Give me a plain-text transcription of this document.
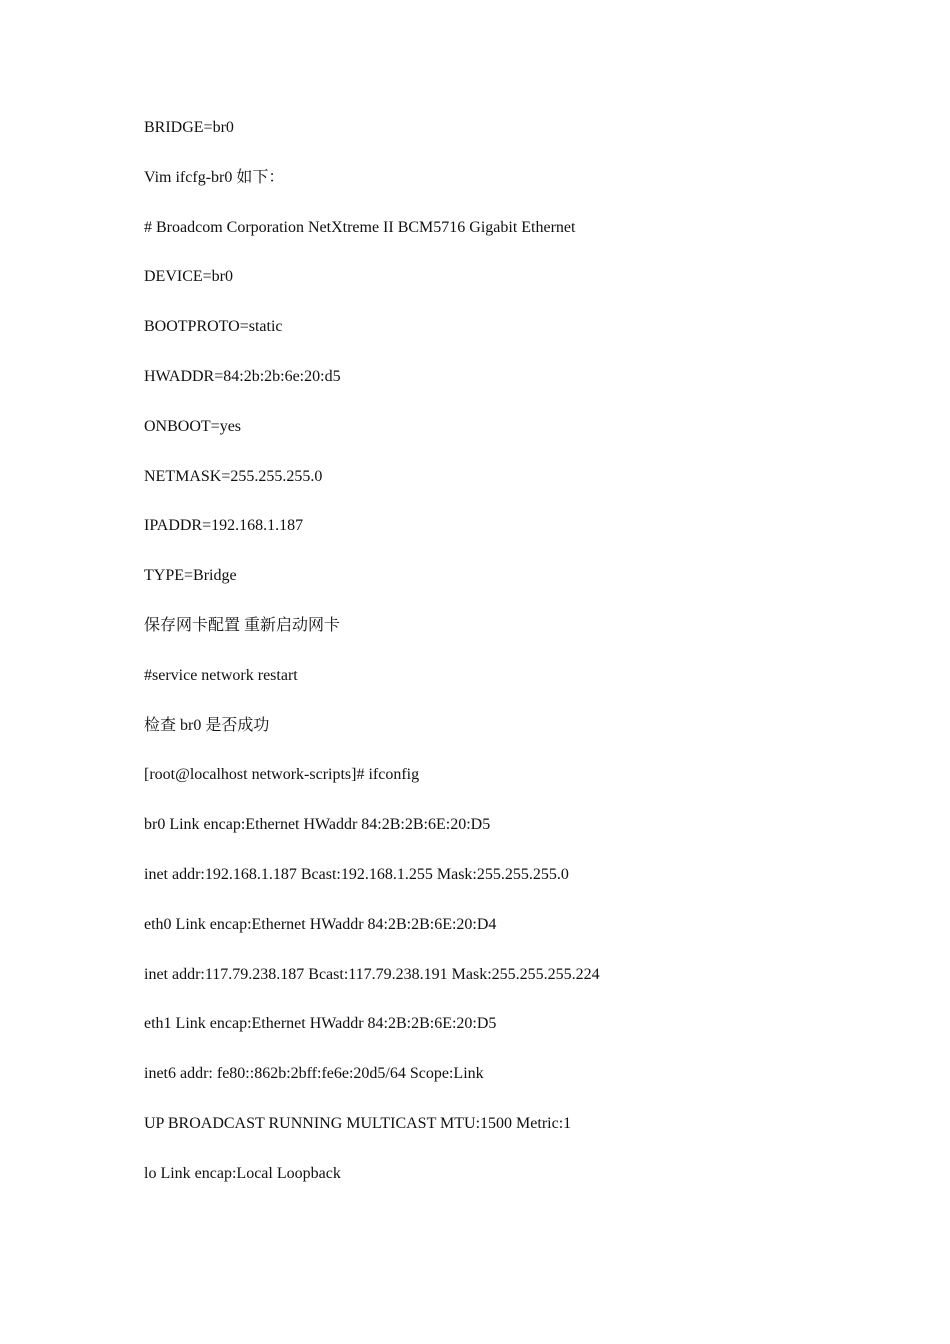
BRIDGE=br0
Vim ifcfg-br0 如下：
# Broadcom Corporation NetXtreme II BCM5716 Gigabit Ethernet
DEVICE=br0
BOOTPROTO=static
HWADDR=84:2b:2b:6e:20:d5
ONBOOT=yes
NETMASK=255.255.255.0
IPADDR=192.168.1.187
TYPE=Bridge
保存网卡配置 重新启动网卡
#service network restart
检查 br0 是否成功
[root@localhost network-scripts]# ifconfig
br0 Link encap:Ethernet HWaddr 84:2B:2B:6E:20:D5
inet addr:192.168.1.187 Bcast:192.168.1.255 Mask:255.255.255.0
eth0 Link encap:Ethernet HWaddr 84:2B:2B:6E:20:D4
inet addr:117.79.238.187 Bcast:117.79.238.191 Mask:255.255.255.224
eth1 Link encap:Ethernet HWaddr 84:2B:2B:6E:20:D5
inet6 addr: fe80::862b:2bff:fe6e:20d5/64 Scope:Link
UP BROADCAST RUNNING MULTICAST MTU:1500 Metric:1
lo Link encap:Local Loopback
